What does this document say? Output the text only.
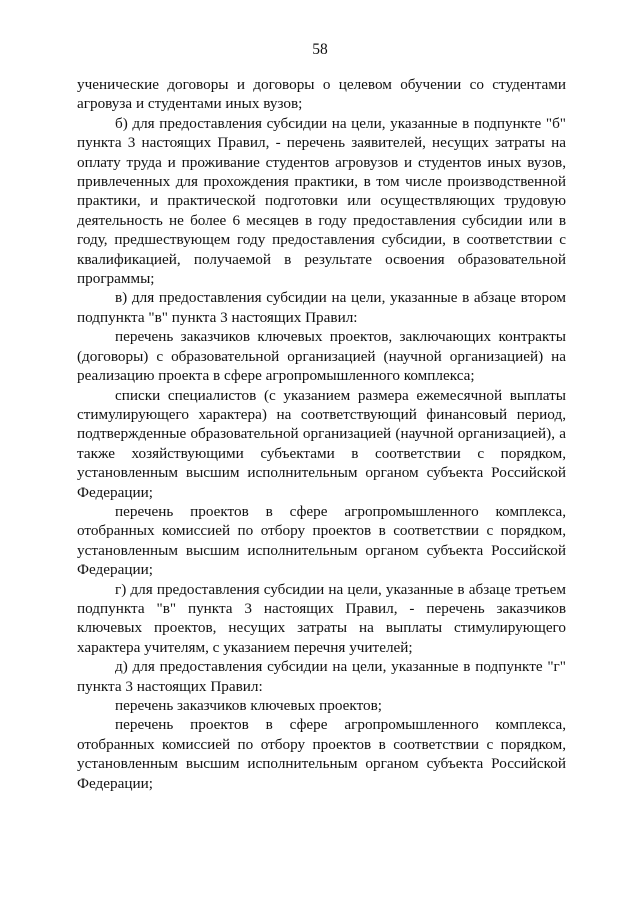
58

ученические договоры и договоры о целевом обучении со студентами агровуза и студентами иных вузов;

б) для предоставления субсидии на цели, указанные в подпункте "б" пункта 3 настоящих Правил, - перечень заявителей, несущих затраты на оплату труда и проживание студентов агровузов и студентов иных вузов, привлеченных для прохождения практики, в том числе производственной практики, и практической подготовки или осуществляющих трудовую деятельность не более 6 месяцев в году предоставления субсидии или в году, предшествующем году предоставления субсидии, в соответствии с квалификацией, получаемой в результате освоения образовательной программы;

в) для предоставления субсидии на цели, указанные в абзаце втором подпункта "в" пункта 3 настоящих Правил:

перечень заказчиков ключевых проектов, заключающих контракты (договоры) с образовательной организацией (научной организацией) на реализацию проекта в сфере агропромышленного комплекса;

списки специалистов (с указанием размера ежемесячной выплаты стимулирующего характера) на соответствующий финансовый период, подтвержденные образовательной организацией (научной организацией), а также хозяйствующими субъектами в соответствии с порядком, установленным высшим исполнительным органом субъекта Российской Федерации;

перечень проектов в сфере агропромышленного комплекса, отобранных комиссией по отбору проектов в соответствии с порядком, установленным высшим исполнительным органом субъекта Российской Федерации;

г) для предоставления субсидии на цели, указанные в абзаце третьем подпункта "в" пункта 3 настоящих Правил, - перечень заказчиков ключевых проектов, несущих затраты на выплаты стимулирующего характера учителям, с указанием перечня учителей;

д) для предоставления субсидии на цели, указанные в подпункте "г" пункта 3 настоящих Правил:

перечень заказчиков ключевых проектов;

перечень проектов в сфере агропромышленного комплекса, отобранных комиссией по отбору проектов в соответствии с порядком, установленным высшим исполнительным органом субъекта Российской Федерации;
